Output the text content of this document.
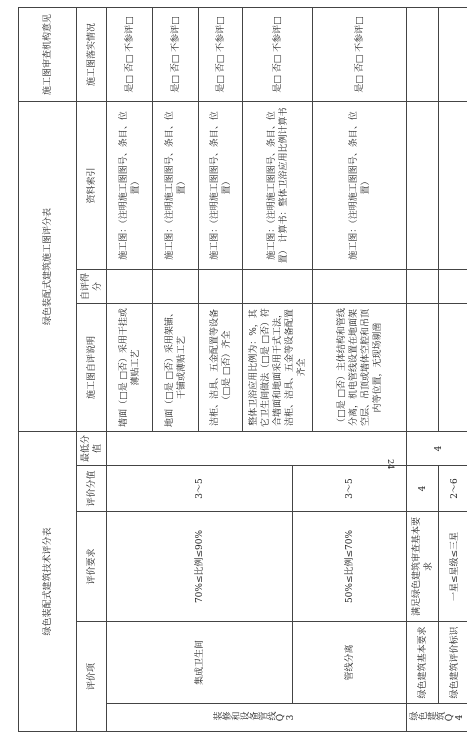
绿色装配式建筑技术评分表				
评价项		评价要求	评价分值	最低分值
装修和设备管线Q3	集成卫生间	70%≤比例≤90%	3～5	
	管线分离	50%≤比例≤70%	3～5	
绿色建筑Q4	绿色建筑基本要求	满足绿色建筑审查基本要求	4	4
	绿色建筑评价标识	一星≤星级≤三星	2～6	
绿色装配式建筑施工图评分表			施工图审查机构意见
施工图自评说明	自评得分	资料索引	施工图落实情况
墙面（□是 □否）采用干挂或薄贴工艺		施工图：（注明施工图图号、条目、位置）	是□ 否□ 不参评□
地面（□是 □否）采用架铺、干铺或薄贴工艺		施工图：（注明施工图图号、条目、位置）	是□ 否□ 不参评□
洁柜、洁具、五金配置等设备（□是 □否）齐全		施工图：（注明施工图图号、条目、位置）	是□ 否□ 不参评□
整体卫浴应用比例为：%，其它卫生间做法（□是 □否）符合墙面和地面采用干式工法，洁柜、洁具、五金等设备配置齐全		施工图：（注明施工图图号、条目、位置） 计算书：整体卫浴应用比例计算书	是□ 否□ 不参评□
（□是 □否）主体结构和管线分离，机电管线设置在地面架空层、吊顶或墙体空腔和吊顶内等位置，无现场剔凿		施工图：（注明施工图图号、条目、位置）	是□ 否□ 不参评□

24
